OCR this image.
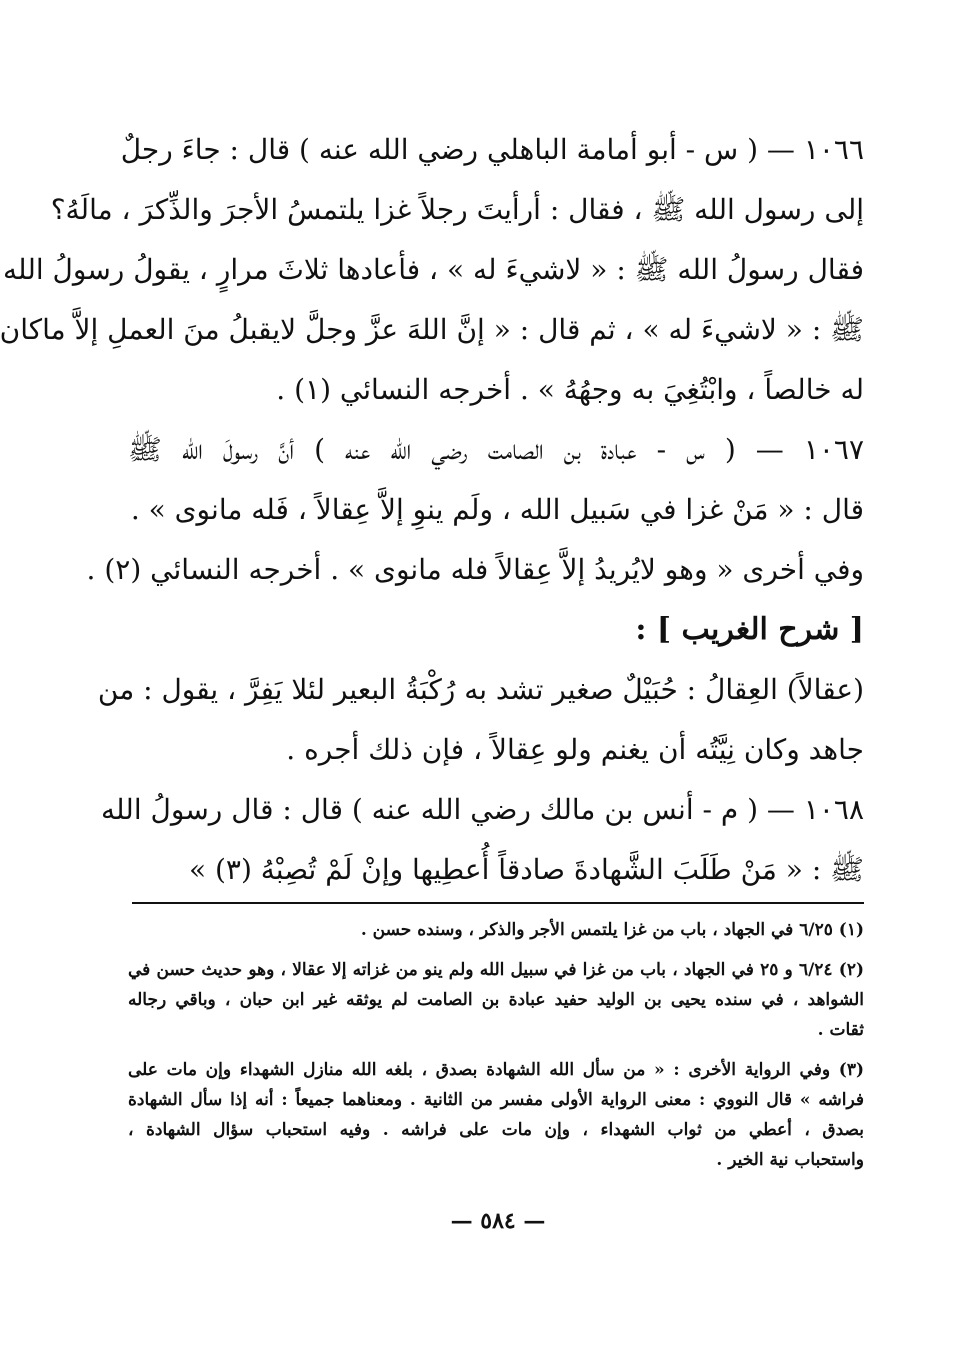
١٠٦٦ — ( س - أبو أمامة الباهلي رضي الله عنه ) قال : جاءَ رجلٌ
إلى رسول الله ﷺ ، فقال : أرأيتَ رجلاً غزا يلتمسُ الأجرَ والذِّكرَ ، مالَهُ؟
فقال رسولُ الله ﷺ : « لاشيءَ له » ، فأعادها ثلاثَ مرارٍ ، يقولُ رسولُ الله
ﷺ : « لاشيءَ له » ، ثم قال : « إنَّ اللهَ عزَّ وجلَّ لايقبلُ منَ العملِ إلاَّ ماكان
له خالصاً ، وابْتُغِيَ به وجهُهُ » . أخرجه النسائي (١) .
١٠٦٧ — ( س - عبادة بن الصامت رضي الله عنه ) أنَّ رسولَ الله ﷺ
قال : « مَنْ غزا في سَبيل الله ، ولَم ينوِ إلاَّ عِقالاً ، فَله مانوى » .
وفي أخرى « وهو لايُريدُ إلاَّ عِقالاً فله مانوى » . أخرجه النسائي (٢) .
[ شرح الغريب ] :
(عقالاً) العِقالُ : حُبَيْلٌ صغير تشد به رُكْبَةُ البعير لئلا يَفِرَّ ، يقول : من
جاهد وكان نِيَّتُه أن يغنم ولو عِقالاً ، فإن ذلك أجره .
١٠٦٨ — ( م - أنس بن مالك رضي الله عنه ) قال : قال رسولُ الله
ﷺ : « مَنْ طَلَبَ الشَّهادةَ صادقاً أُعطِيها وإنْ لَمْ تُصِبْهُ (٣) »
(١) ٦/٢٥ في الجهاد ، باب من غزا يلتمس الأجر والذكر ، وسنده حسن .
(٢) ٦/٢٤ و ٢٥ في الجهاد ، باب من غزا في سبيل الله ولم ينو من غزاته إلا عقالا ، وهو حديث حسن في
الشواهد ، في سنده يحيى بن الوليد حفيد عبادة بن الصامت لم يوثقه غير ابن حبان ، وباقي رجاله
ثقات .
(٣) وفي الرواية الأخرى : « من سأل الله الشهادة بصدق ، بلغه الله منازل الشهداء وإن مات على
فراشه » قال النووي : معنى الرواية الأولى مفسر من الثانية . ومعناهما جميعاً : أنه إذا سأل الشهادة
بصدق ، أعطي من ثواب الشهداء ، وإن مات على فراشه . وفيه استحباب سؤال الشهادة ،
واستحباب نية الخير .
— ٥٨٤ —
